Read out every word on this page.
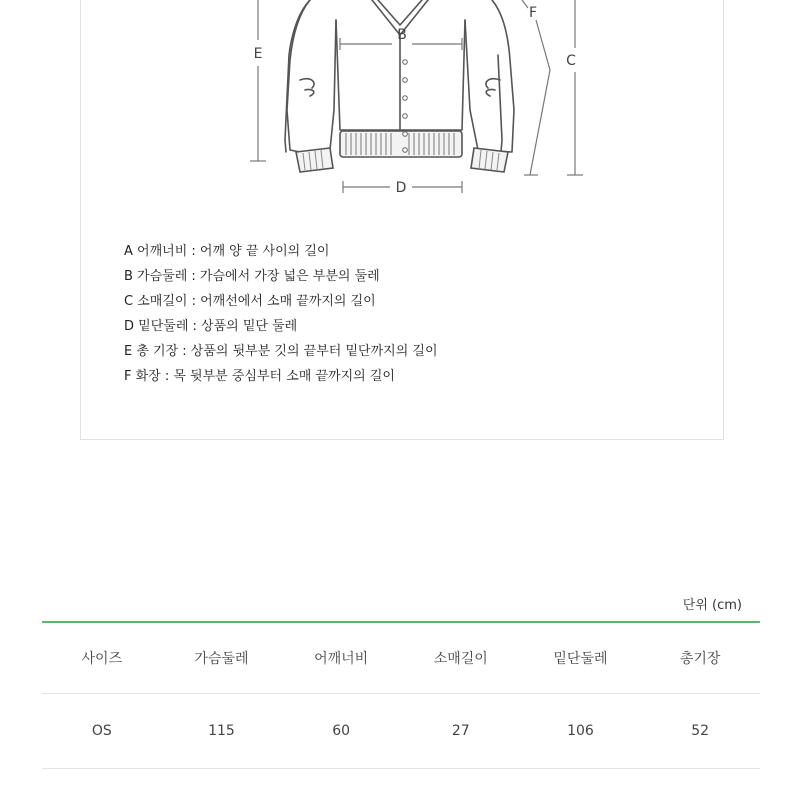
B
C
D
E
F
A 어깨너비 : 어깨 양 끝 사이의 길이
B 가슴둘레 : 가슴에서 가장 넓은 부분의 둘레
C 소매길이 : 어깨선에서 소매 끝까지의 길이
D 밑단둘레 : 상품의 밑단 둘레
E 총 기장 : 상품의 뒷부분 깃의 끝부터 밑단까지의 길이
F 화장 : 목 뒷부분 중심부터 소매 끝까지의 길이
단위 (cm)
사이즈	가슴둘레	어깨너비	소매길이	밑단둘레	총기장
OS	115	60	27	106	52
